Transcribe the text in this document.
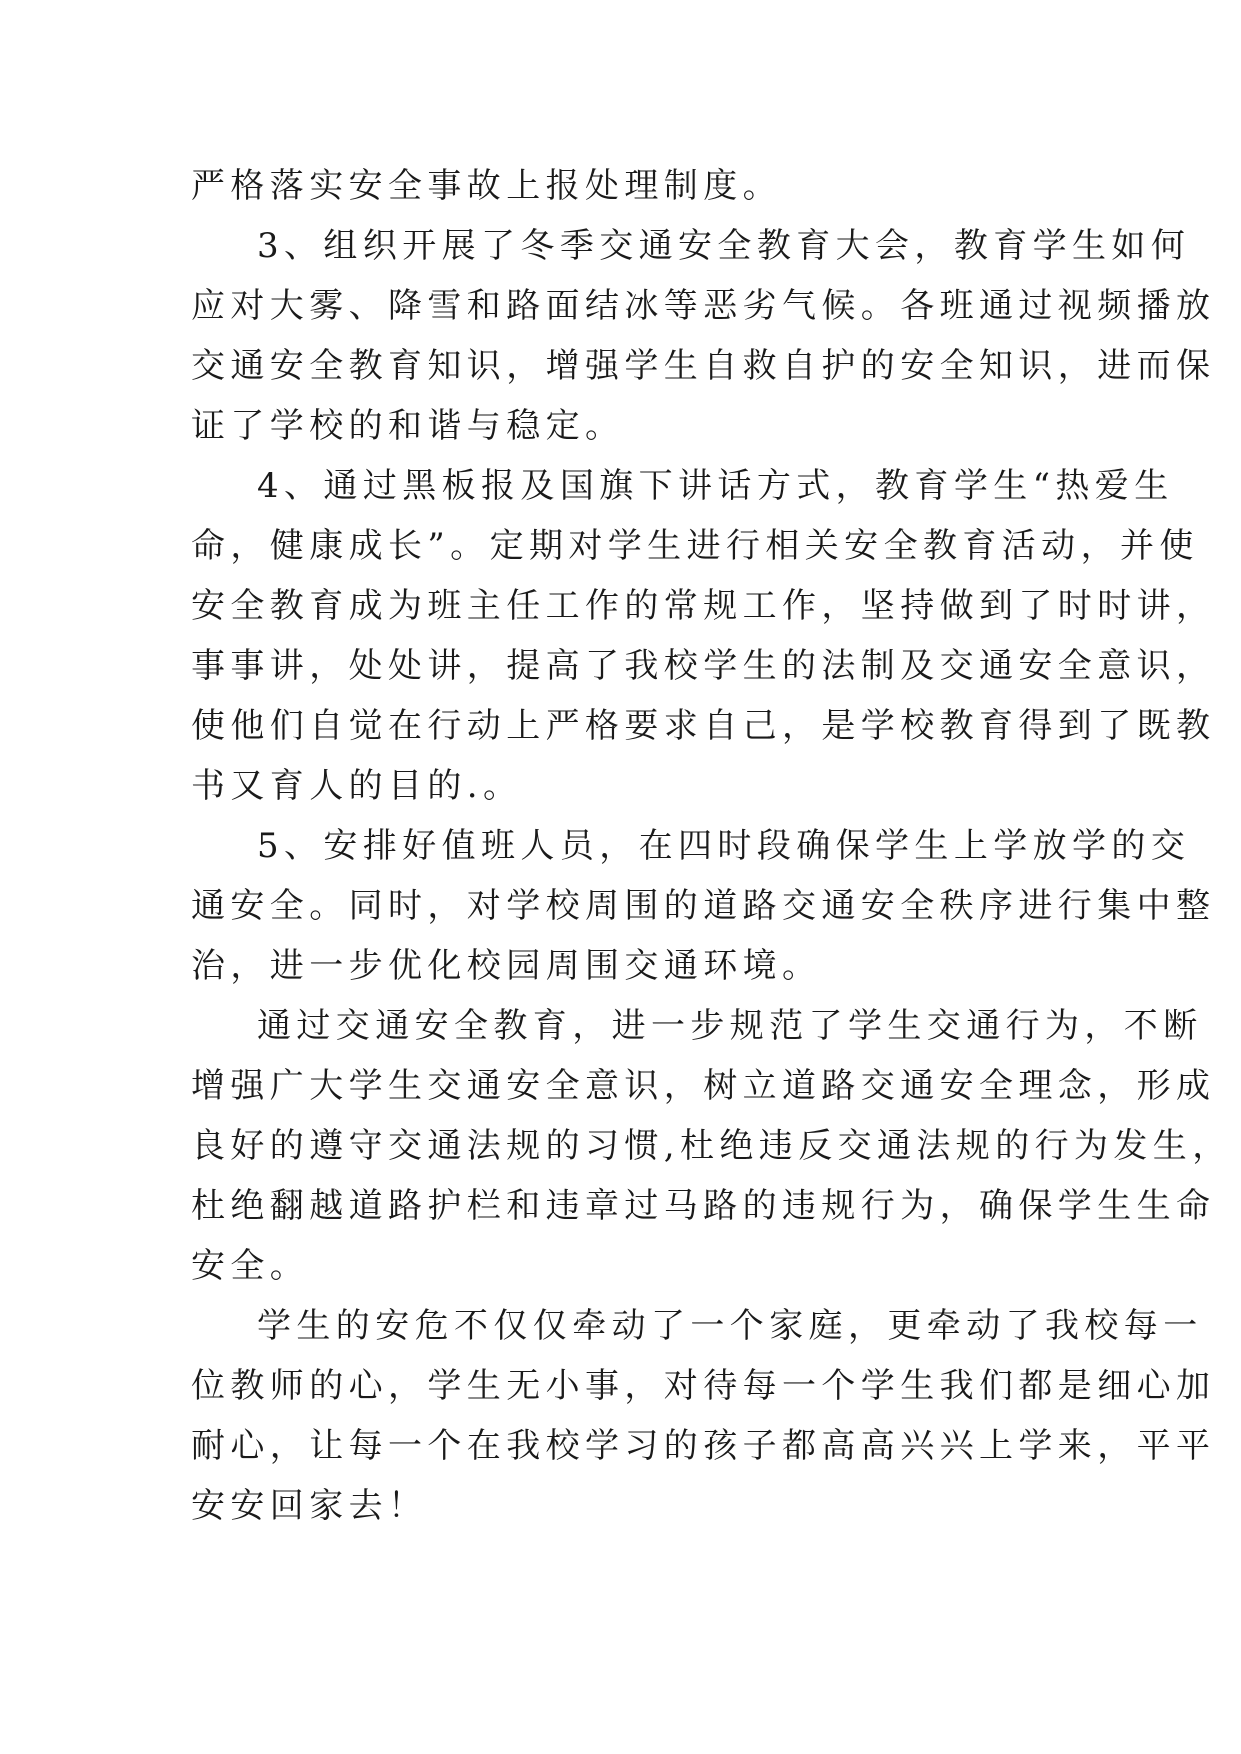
严格落实安全事故上报处理制度。
3、组织开展了冬季交通安全教育大会，教育学生如何
应对大雾、降雪和路面结冰等恶劣气候。各班通过视频播放
交通安全教育知识，增强学生自救自护的安全知识，进而保
证了学校的和谐与稳定。
4、通过黑板报及国旗下讲话方式，教育学生“热爱生
命，健康成长”。定期对学生进行相关安全教育活动，并使
安全教育成为班主任工作的常规工作，坚持做到了时时讲，
事事讲，处处讲，提高了我校学生的法制及交通安全意识，
使他们自觉在行动上严格要求自己，是学校教育得到了既教
书又育人的目的.。
5、安排好值班人员，在四时段确保学生上学放学的交
通安全。同时，对学校周围的道路交通安全秩序进行集中整
治，进一步优化校园周围交通环境。
通过交通安全教育，进一步规范了学生交通行为，不断
增强广大学生交通安全意识，树立道路交通安全理念，形成
良好的遵守交通法规的习惯,杜绝违反交通法规的行为发生，
杜绝翻越道路护栏和违章过马路的违规行为，确保学生生命
安全。
学生的安危不仅仅牵动了一个家庭，更牵动了我校每一
位教师的心，学生无小事，对待每一个学生我们都是细心加
耐心，让每一个在我校学习的孩子都高高兴兴上学来，平平
安安回家去！
